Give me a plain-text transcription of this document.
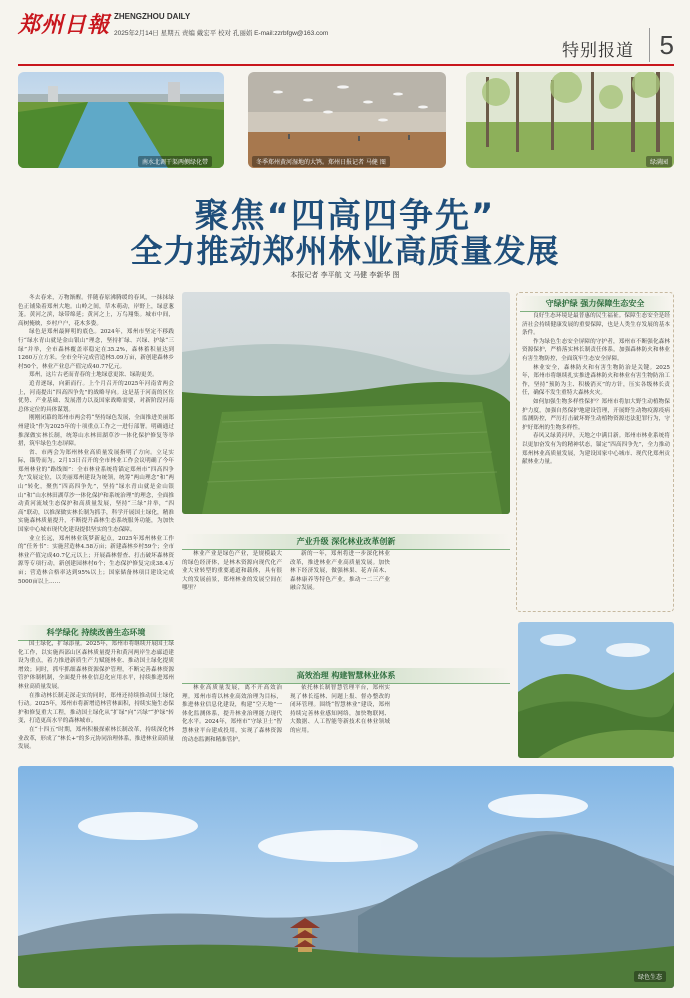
郑州日報 ZHENGZHOU DAILY
2025年2月14日 星期五 责编 戴宏平 校对 孔丽娟 E-mail:zzrbfgw@163.com
特别报道 5
南水北调干渠两侧绿化带	冬季郑州黄河湿地的大鸨。郑州日报记者 马健 图	绿满园
聚焦“四高四争先”
全力推动郑州林业高质量发展
本报记者 李平航 文 马健 李新华 图

冬去春来，万物渐醒。伴随春原沸腾缓的春风，一抹抹绿色正铺染着郑州大地。山岭之间，草木萌动，岸野上，绿意葱茏。黄河之滨，绿带绵延；黄河之上，万鸟翔集。城市中间，高树掩映，乡村户户，花木多姿。

绿色是郑州最鲜明的底色。2024年，郑州市坚定不移践行“绿水青山就是金山银山”理念，坚持扩绿、兴绿、护绿“三绿”并举，全市森林覆盖率稳定在35.2%，森林蓄积量达到1260万立方米。全市全年完成营造林5.09万亩，新创建森林乡村50个，林业产业总产值完成40.77亿元。

郑州，这片古老而青春的土地绿意更浓、绿韵更美。

追青逐绿，向新而行。上个月召开的2025年河南省两会上，河南提出“四高四争先”的战略导向。这是基于河南的区位优势、产业基础、发展潜力以及国家战略需要，对新阶段河南总体定位的具体谋划。

刚刚闭幕的郑州市两会将“坚持绿色发展，全面推进美丽郑州建设”作为2025年的十项重点工作之一进行部署。明确通过推深做实林长制，统筹山水林田湖草沙一体化保护修复等举措，筑牢绿色生态屏障。

省、市两会为郑州林业高质量发展指明了方向。立足实际，锚势而为。2月13日召开的全市林业工作会议明确了今年郑州林业的“路线图”：全市林业系统将锚定郑州市“四高四争先”发展定位，以美丽郑州建设为统领，统筹“两山理念”和“两山”转化，聚焦“四高四争先”，坚持“绿水青山就是金山银山”和“山水林田湖草沙一体化保护和系统治理”的理念，全面推动黄河流域生态保护和高质量发展，坚持“三绿”并举，“四高”联动，以推深做实林长制为抓手，科学开展国土绿化，精准实施森林质量提升，不断提升森林生态系统服务功能，为加快国家中心城市现代化建设提供坚实的生态保障。

业立长远，郑州林业筑梦新起点，2025年郑州林业工作的“任务书”：实施营造林4.58万亩；新建森林乡村59个；全市林业产值完成40.7亿元以上；开展森林督查、打击破坏森林资源等专项行动，新创建园林村6个；生态保护修复完成38.4万亩；营造林合格率达到95%以上；国家储备林项目建设完成5000亩以上……

科学绿化 持续改善生态环境

国土绿化，扩绿添量。2025年，郑州市将继续开展国土绿化工作，以实施西部山区森林质量提升和黄河两岸生态廊道建设为重点，着力推进新质生产力赋能林业、推动国土绿化提质增效；同时，抓牢抓细森林资源保护管理，不断完善森林资源管护体制机制，全面提升林业信息化应用水平，持续推进郑州林业高质量发展。

在推动林长制走深走实的同时，郑州还持续推动国土绿化行动。2025年，郑州市将新增造林营林面积，持续实施生态保护和修复重大工程，推动国土绿化从“扩绿”向“兴绿”“护绿”转变，打造更高水平的森林城市。

在“十四五”时期，郑州积极探索林长制改革，持续深化林业改革，形成了“林长+”的多元协同治理体系，推进林业高质量发展。

产业升级 深化林业改革创新

林业产业是绿色产业，是规模最大的绿色经济体，是林木资源向现代化产业大业转型的重要通道和载体，具有很大的发展前景，郑州林业的发展空间在哪里？

新的一年，郑州将进一步深化林业改革，推进林业产业高质量发展。加快林下经济发展，做强林果、花卉苗木、森林康养等特色产业，推动一二三产业融合发展。

高效治理 构建智慧林业体系

林业高质量发展，离不开高效治理。郑州市将以林业高效治理为目标，推进林业信息化建设，构建“空天地”一体化监测体系，提升林业治理能力现代化水平。2024年，郑州市“守绿卫士”智慧林业平台建成投用，实现了森林资源的动态监测和精准管护。

依托林长制智慧管理平台，郑州实现了林长巡林、问题上报、督办整改的闭环管理。围绕“智慧林业”建设，郑州持续完善林业感知网络，加快物联网、大数据、人工智能等新技术在林业领域的应用。

守绿护绿 强力保障生态安全

良好生态环境是最普惠的民生福祉。保障生态安全是经济社会持续健康发展的重要保障，也是人类生存发展的基本条件。

作为绿色生态安全屏障的守护者，郑州市不断强化森林资源保护，严格落实林长制责任体系，加强森林防火和林业有害生物防控，全面筑牢生态安全屏障。

林业安全，森林防火和有害生物防治是关键。2025年，郑州市将继续扎实推进森林防火和林业有害生物防治工作，坚持“预防为主、积极消灭”的方针，压实各级林长责任，确保不发生重特大森林火灾。

如何加强生物多样性保护？郑州市将加大野生动植物保护力度，加强自然保护地建设管理，开展野生动物疫源疫病监测防控，严厉打击破坏野生动植物资源违法犯罪行为，守护好郑州的生物多样性。

春风又绿黄河岸，天地之中满目新。郑州市林业系统将以更加奋发有为的精神状态，锚定“四高四争先”，全力推动郑州林业高质量发展，为建设国家中心城市、现代化郑州贡献林业力量。

绿色生态
